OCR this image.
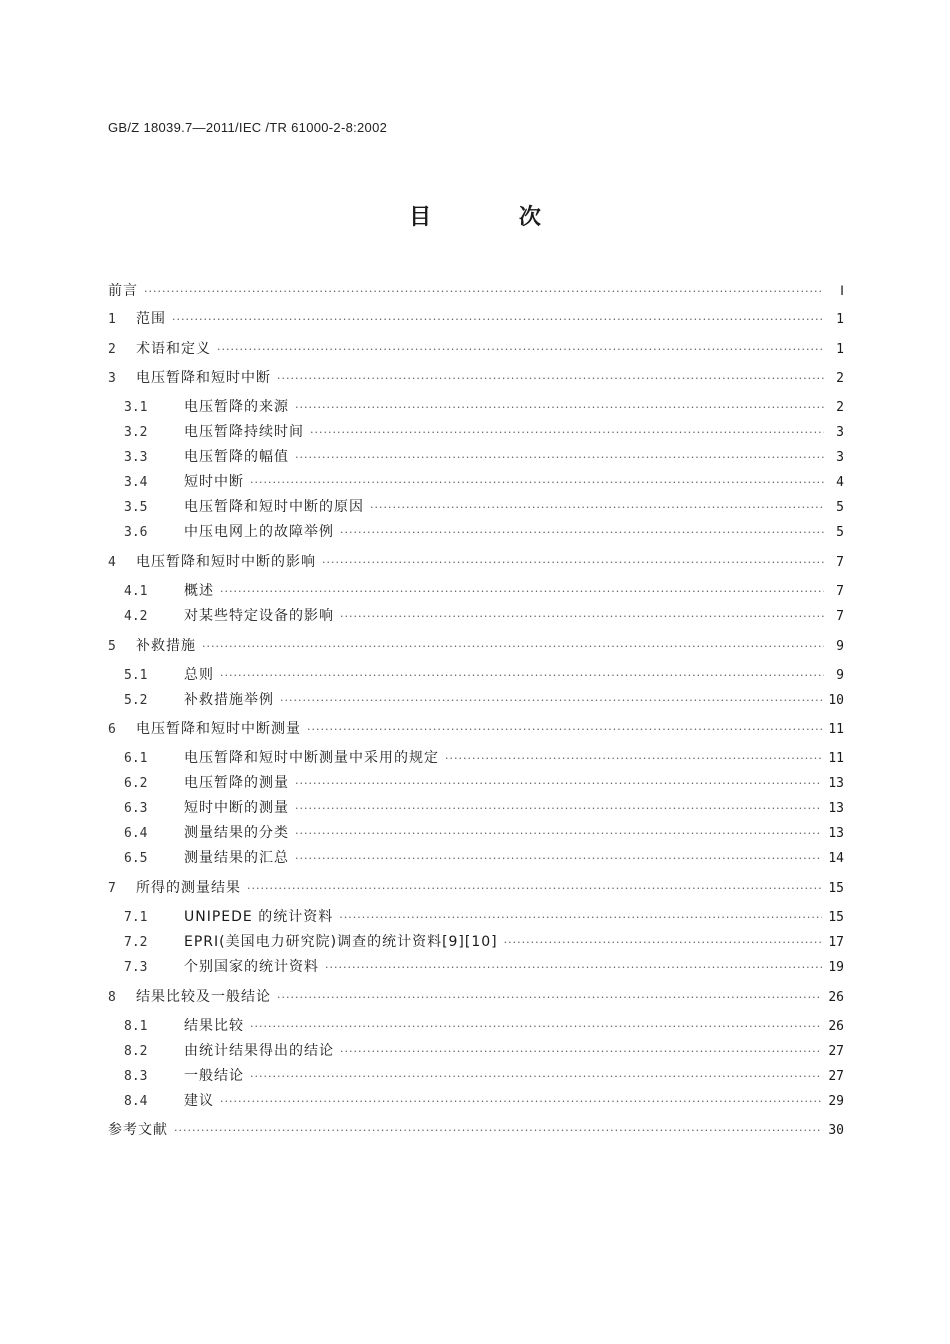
GB/Z 18039.7—2011/IEC /TR 61000-2-8:2002
目 次
前言 ·····	Ⅰ
1	范围 ·····	1
2	术语和定义 ·····	1
3	电压暂降和短时中断 ·····	2
3.1	电压暂降的来源 ·····	2
3.2	电压暂降持续时间 ·····	3
3.3	电压暂降的幅值 ·····	3
3.4	短时中断 ·····	4
3.5	电压暂降和短时中断的原因 ·····	5
3.6	中压电网上的故障举例 ·····	5
4	电压暂降和短时中断的影响 ·····	7
4.1	概述 ·····	7
4.2	对某些特定设备的影响 ·····	7
5	补救措施 ·····	9
5.1	总则 ·····	9
5.2	补救措施举例 ·····	10
6	电压暂降和短时中断测量 ·····	11
6.1	电压暂降和短时中断测量中采用的规定 ·····	11
6.2	电压暂降的测量 ·····	13
6.3	短时中断的测量 ·····	13
6.4	测量结果的分类 ·····	13
6.5	测量结果的汇总 ·····	14
7	所得的测量结果 ·····	15
7.1	UNIPEDE 的统计资料 ·····	15
7.2	EPRI(美国电力研究院)调查的统计资料[9][10] ·····	17
7.3	个别国家的统计资料 ·····	19
8	结果比较及一般结论 ·····	26
8.1	结果比较 ·····	26
8.2	由统计结果得出的结论 ·····	27
8.3	一般结论 ·····	27
8.4	建议 ·····	29
参考文献 ·····	30
